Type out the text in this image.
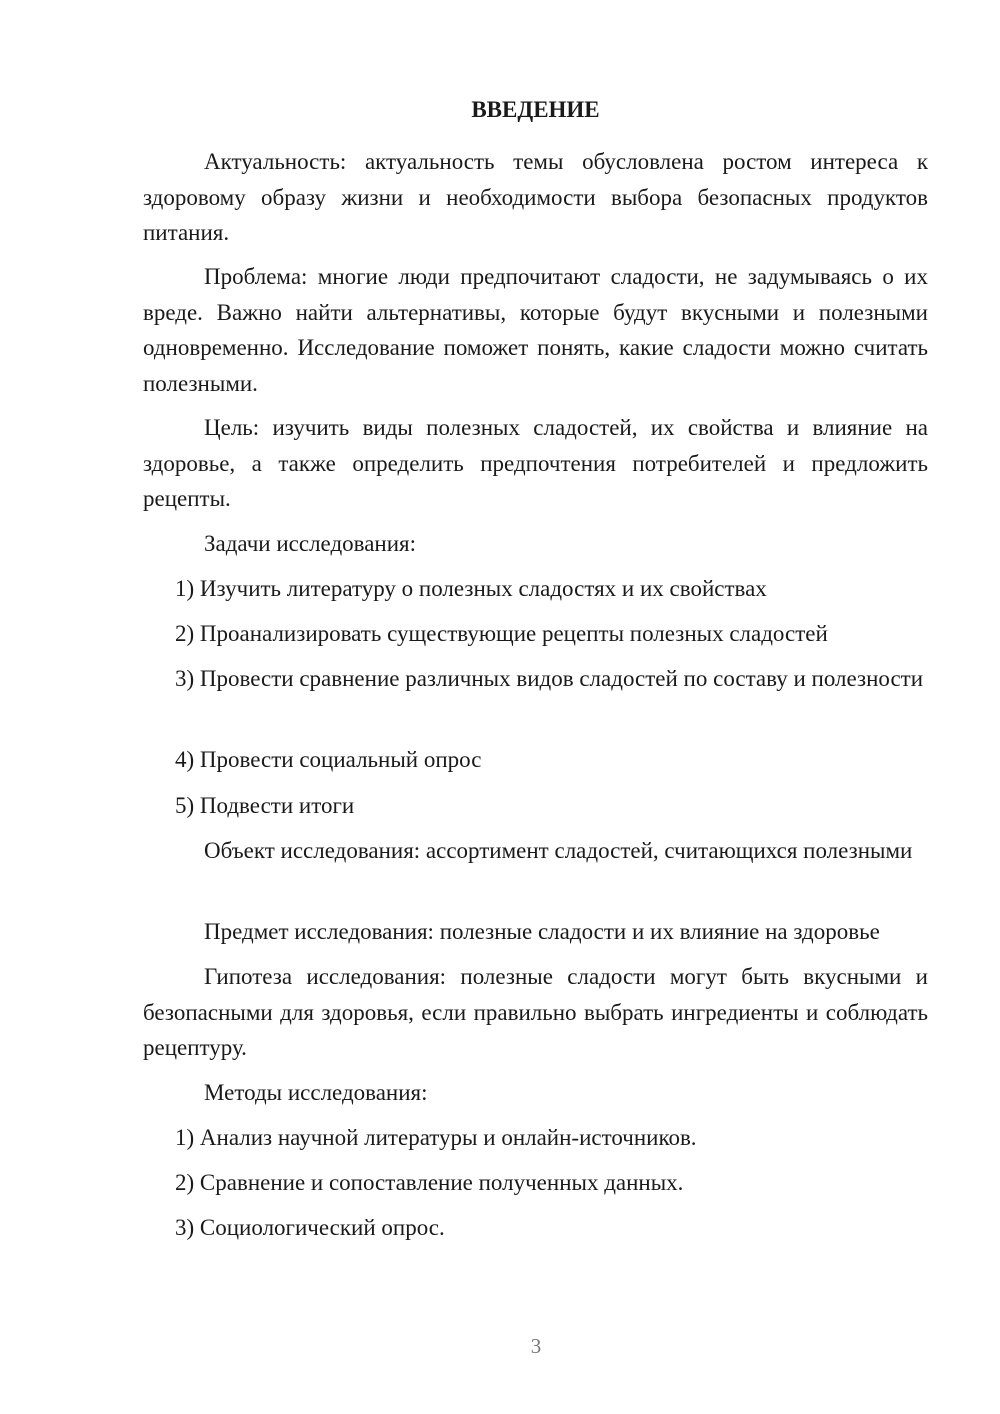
ВВЕДЕНИЕ

Актуальность: актуальность темы обусловлена ростом интереса к здоровому образу жизни и необходимости выбора безопасных продуктов питания.

Проблема: многие люди предпочитают сладости, не задумываясь о их вреде. Важно найти альтернативы, которые будут вкусными и полезными одновременно. Исследование поможет понять, какие сладости можно считать полезными.

Цель: изучить виды полезных сладостей, их свойства и влияние на здоровье, а также определить предпочтения потребителей и предложить рецепты.

Задачи исследования:

1) Изучить литературу о полезных сладостях и их свойствах

2) Проанализировать существующие рецепты полезных сладостей

3) Провести сравнение различных видов сладостей по составу и полезности

4) Провести социальный опрос

5) Подвести итоги

Объект исследования: ассортимент сладостей, считающихся полезными

Предмет исследования: полезные сладости и их влияние на здоровье

Гипотеза исследования: полезные сладости могут быть вкусными и безопасными для здоровья, если правильно выбрать ингредиенты и соблюдать рецептуру.

Методы исследования:

1) Анализ научной литературы и онлайн-источников.

2) Сравнение и сопоставление полученных данных.

3) Социологический опрос.

3
